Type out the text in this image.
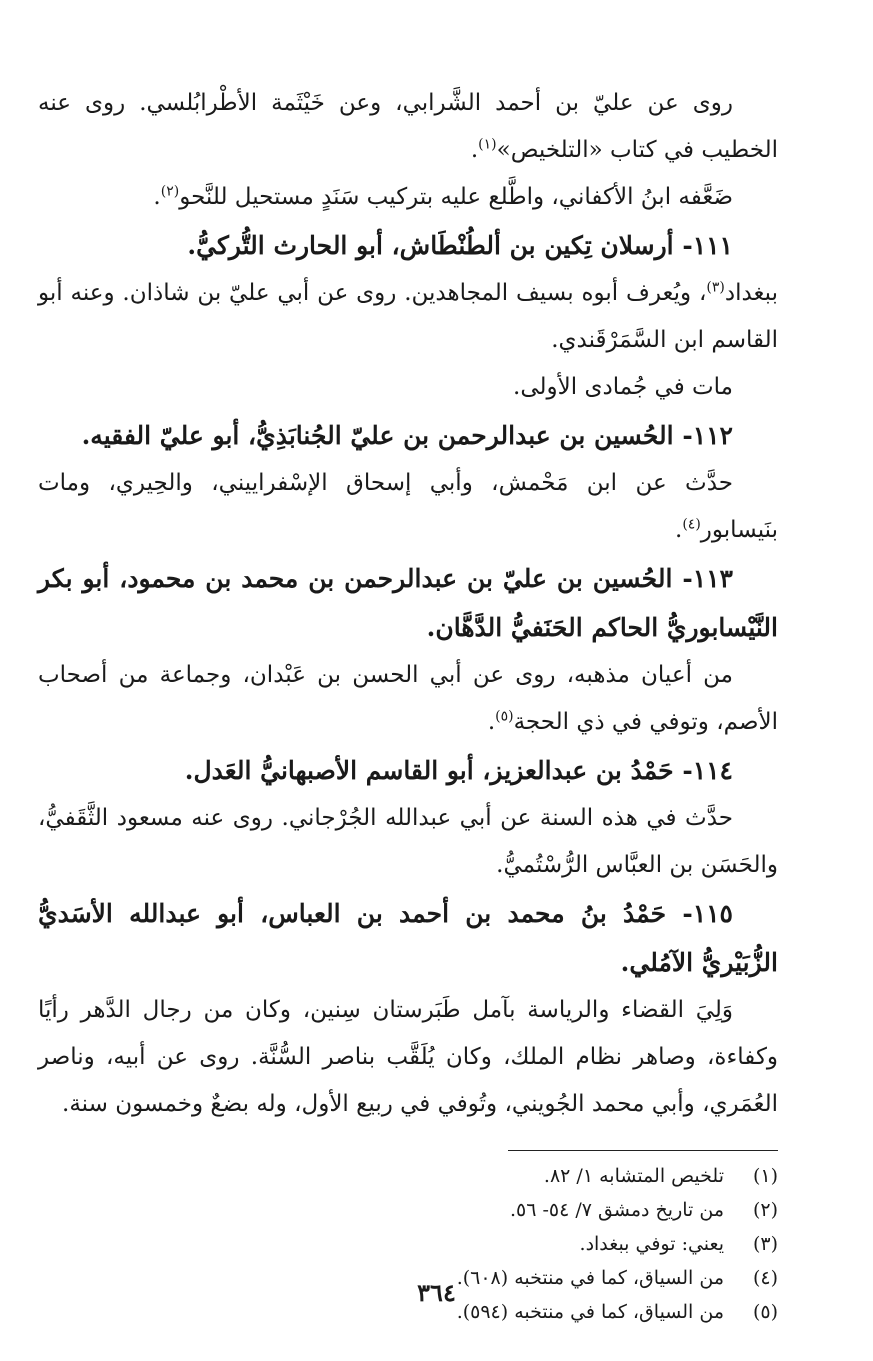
روى عن عليّ بن أحمد الشَّرابي، وعن خَيْثَمة الأطْرابُلسي. روى عنه الخطيب في كتاب «التلخيص»$^{(١)}$.

ضَعَّفه ابنُ الأكفاني، واطَّلع عليه بتركيب سَنَدٍ مستحيل للنَّحو$^{(٢)}$.

١١١- أرسلان تِكين بن ألطُنْطَاش، أبو الحارث التُّركيُّ.

ببغداد$^{(٣)}$، ويُعرف أبوه بسيف المجاهدين. روى عن أبي عليّ بن شاذان. وعنه أبو القاسم ابن السَّمَرْقَندي.

مات في جُمادى الأولى.

١١٢- الحُسين بن عبدالرحمن بن عليّ الجُنابَذِيُّ، أبو عليّ الفقيه.

حدَّث عن ابن مَحْمش، وأبي إسحاق الإسْفراييني، والحِيري، ومات بنَيسابور$^{(٤)}$.

١١٣- الحُسين بن عليّ بن عبدالرحمن بن محمد بن محمود، أبو بكر النَّيْسابوريُّ الحاكم الحَنَفيُّ الدَّهَّان.

من أعيان مذهبه، روى عن أبي الحسن بن عَبْدان، وجماعة من أصحاب الأصم، وتوفي في ذي الحجة$^{(٥)}$.

١١٤- حَمْدُ بن عبدالعزيز، أبو القاسم الأصبهانيُّ العَدل.

حدَّث في هذه السنة عن أبي عبدالله الجُرْجاني. روى عنه مسعود الثَّقَفيُّ، والحَسَن بن العبَّاس الرُّسْتُميُّ.

١١٥- حَمْدُ بنُ محمد بن أحمد بن العباس، أبو عبدالله الأسَديُّ الزُّبَيْريُّ الآمُلي.

وَلِيَ القضاء والرياسة بآمل طَبَرستان سِنين، وكان من رجال الدَّهر رأيًا وكفاءة، وصاهر نظام الملك، وكان يُلَقَّب بناصر السُّنَّة. روى عن أبيه، وناصر العُمَري، وأبي محمد الجُويني، وتُوفي في ربيع الأول، وله بضعٌ وخمسون سنة.

(١)
تلخيص المتشابه ١/ ٨٢.
(٢)
من تاريخ دمشق ٧/ ٥٤- ٥٦.
(٣)
يعني: توفي ببغداد.
(٤)
من السياق، كما في منتخبه (٦٠٨).
(٥)
من السياق، كما في منتخبه (٥٩٤).
٣٦٤
